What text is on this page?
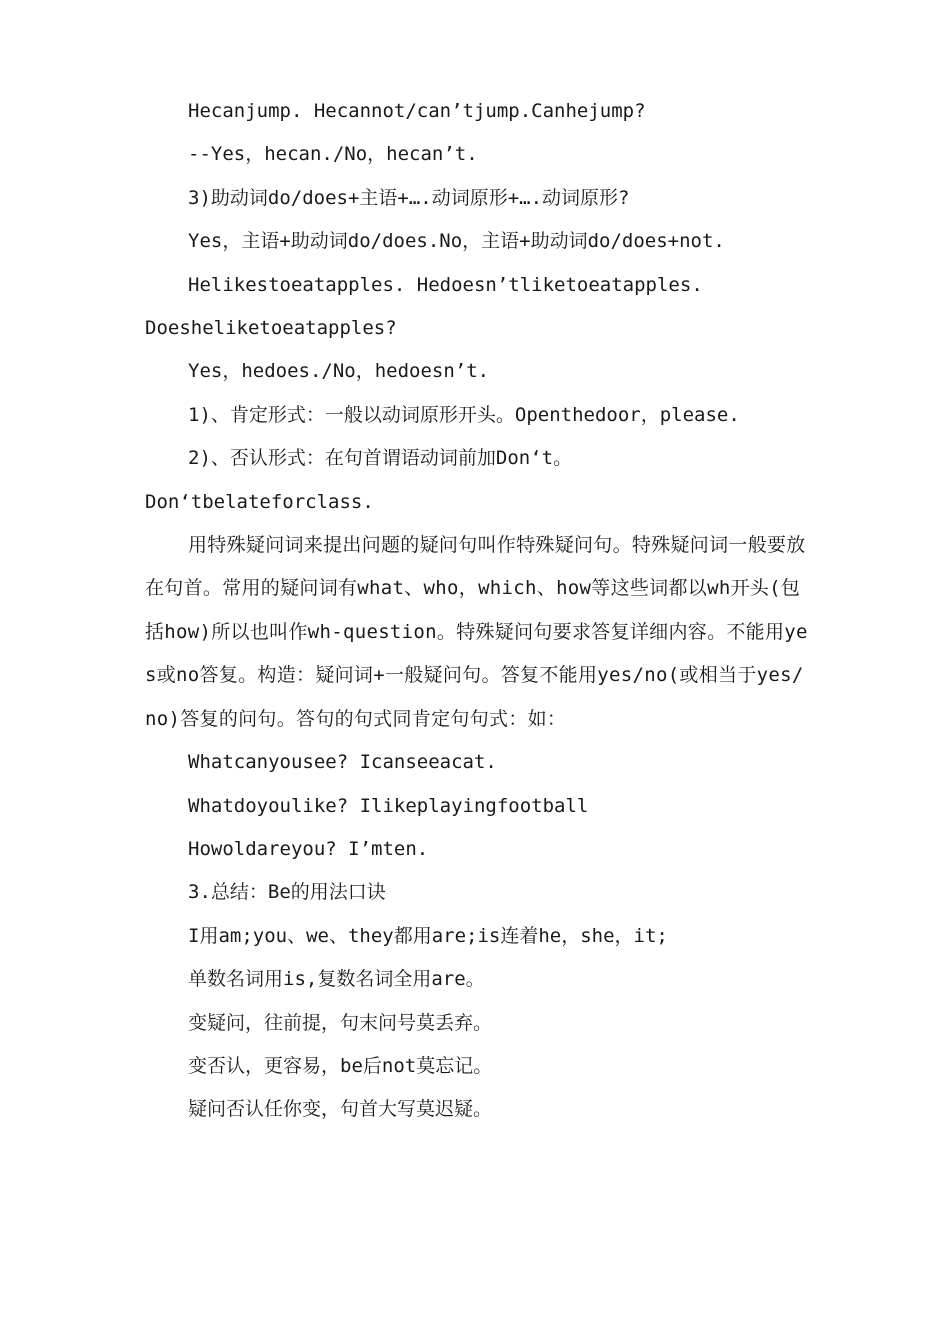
Hecanjump. Hecannot/can’tjump.Canhejump?

--Yes，hecan./No，hecan’t.

3)助动词do/does+主语+….动词原形+….动词原形?

Yes，主语+助动词do/does.No，主语+助动词do/does+not.

Helikestoeatapples. Hedoesn’tliketoeatapples.

Doesheliketoeatapples?

Yes，hedoes./No，hedoesn’t.

1)、肯定形式：一般以动词原形开头。Openthedoor，please.

2)、否认形式：在句首谓语动词前加Don‘t。

Don‘tbelateforclass.

用特殊疑问词来提出问题的疑问句叫作特殊疑问句。特殊疑问词一般要放在句首。常用的疑问词有what、who，which、how等这些词都以wh开头(包括how)所以也叫作wh-question。特殊疑问句要求答复详细内容。不能用yes或no答复。构造：疑问词+一般疑问句。答复不能用yes/no(或相当于yes/no)答复的问句。答句的句式同肯定句句式：如：

Whatcanyousee? Icanseeacat.

Whatdoyoulike? Ilikeplayingfootball

Howoldareyou? I’mten.

3.总结：Be的用法口诀

I用am;you、we、they都用are;is连着he，she，it;

单数名词用is,复数名词全用are。

变疑问，往前提，句末问号莫丢弃。

变否认，更容易，be后not莫忘记。

疑问否认任你变，句首大写莫迟疑。
